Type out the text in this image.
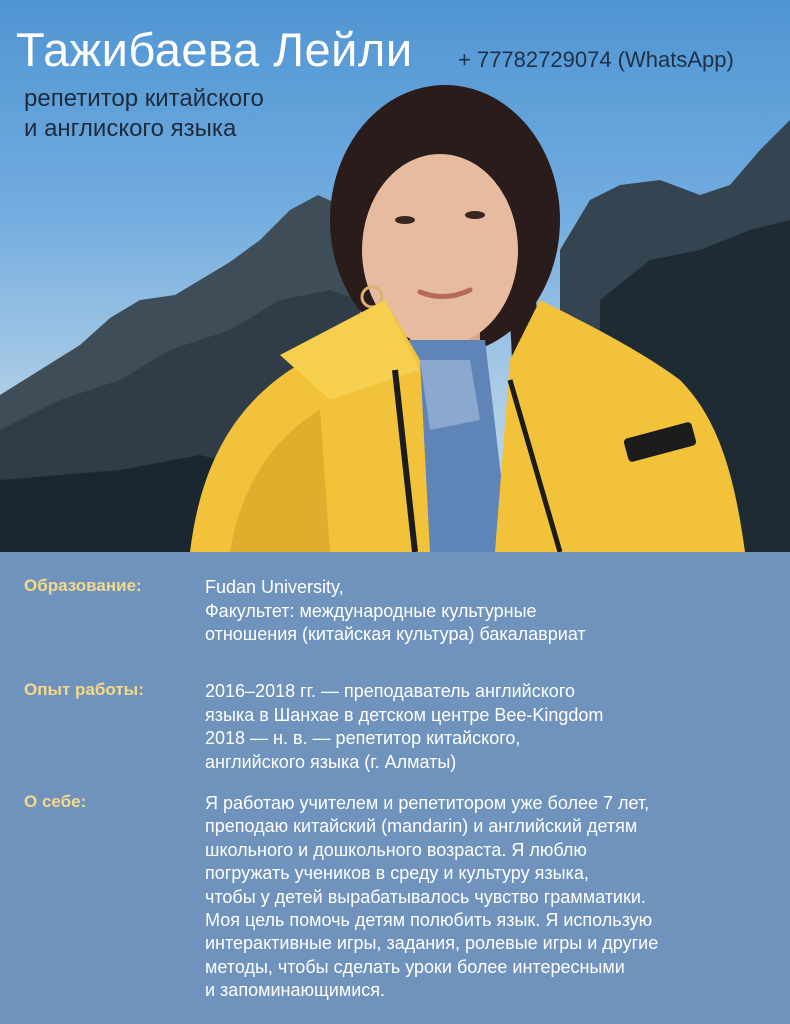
Тажибаева Лейли + 77782729074 (WhatsApp)
репетитор китайского
и англиского языка
Образование:	Fudan University,
Факультет: международные культурные
отношения (китайская культура) бакалавриат
Опыт работы:	2016–2018 гг. — преподаватель английского
языка в Шанхае в детском центре Bee-Kingdom
2018 — н. в. — репетитор китайского,
английского языка (г. Алматы)
О себе:	Я работаю учителем и репетитором уже более 7 лет,
преподаю китайский (mandarin) и английский детям
школьного и дошкольного возраста. Я люблю
погружать учеников в среду и культуру языка,
чтобы у детей вырабатывалось чувство грамматики.
Моя цель помочь детям полюбить язык. Я использую
интерактивные игры, задания, ролевые игры и другие
методы, чтобы сделать уроки более интересными
и запоминающимися.
